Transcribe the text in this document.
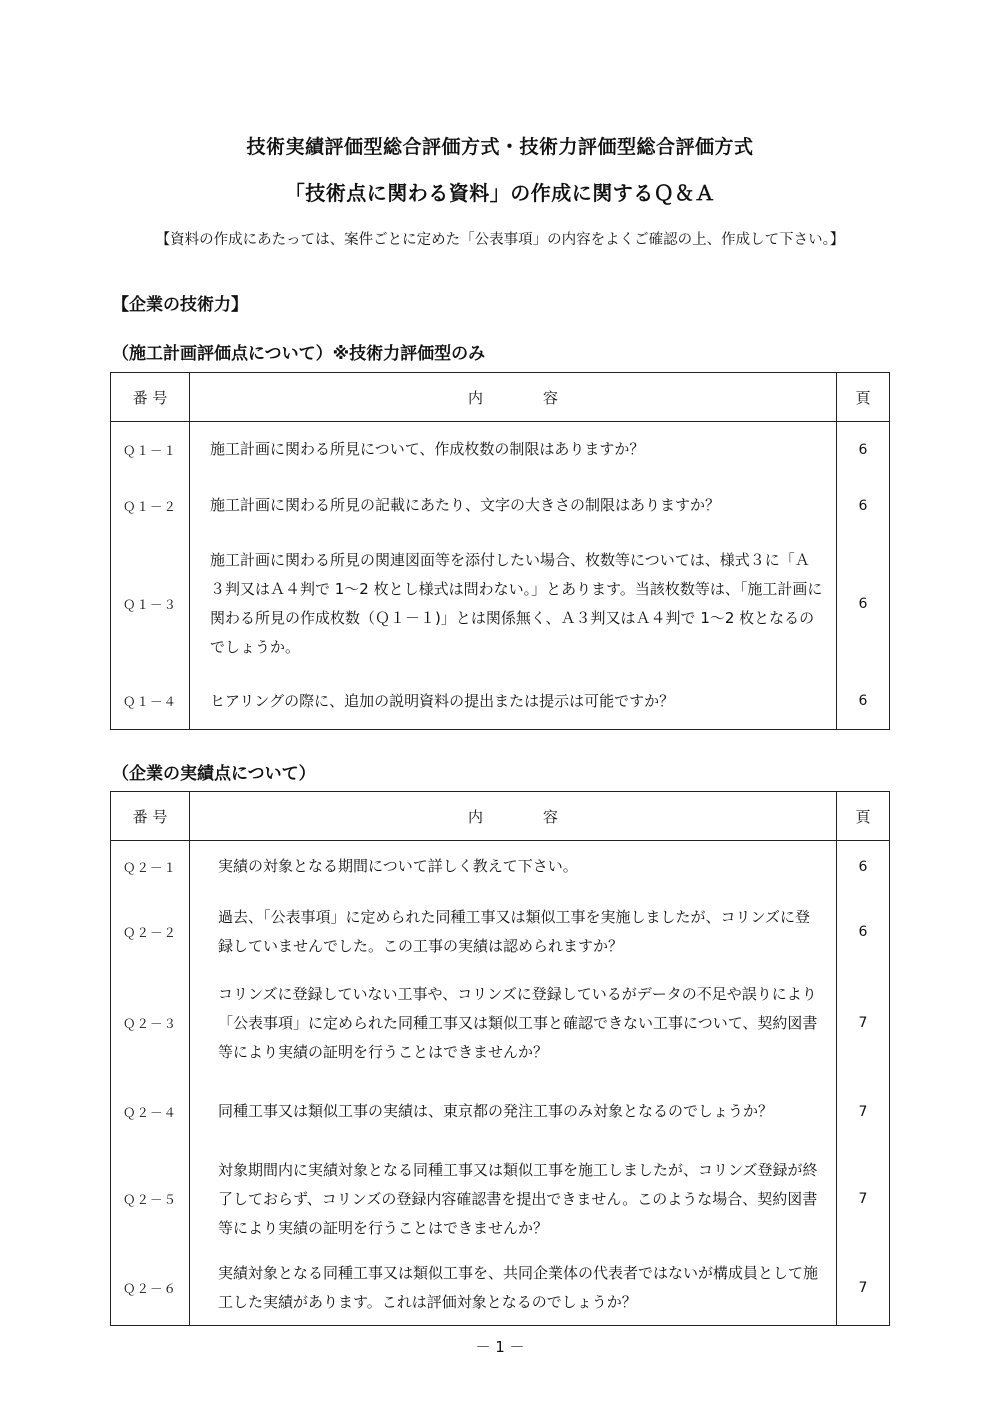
技術実績評価型総合評価方式・技術力評価型総合評価方式
「技術点に関わる資料」の作成に関するＱ＆Ａ
【資料の作成にあたっては、案件ごとに定めた「公表事項」の内容をよくご確認の上、作成して下さい。】
【企業の技術力】
（施工計画評価点について）※技術力評価型のみ
番 号	内　　　　容	頁
Ｑ１－１	施工計画に関わる所見について、作成枚数の制限はありますか？	6
Ｑ１－２	施工計画に関わる所見の記載にあたり、文字の大きさの制限はありますか？	6
Ｑ１－３	施工計画に関わる所見の関連図面等を添付したい場合、枚数等については、様式３に「Ａ３判又はＡ４判で 1～2 枚とし様式は問わない。」とあります。当該枚数等は、「施工計画に関わる所見の作成枚数（Ｑ１－１)」とは関係無く、Ａ３判又はＡ４判で 1～2 枚となるのでしょうか。	6
Ｑ１－４	ヒアリングの際に、追加の説明資料の提出または提示は可能ですか？	6
（企業の実績点について）
番 号	内　　　　容	頁
Ｑ２－１	実績の対象となる期間について詳しく教えて下さい。	6
Ｑ２－２	過去、「公表事項」に定められた同種工事又は類似工事を実施しましたが、コリンズに登録していませんでした。この工事の実績は認められますか？	6
Ｑ２－３	コリンズに登録していない工事や、コリンズに登録しているがデータの不足や誤りにより「公表事項」に定められた同種工事又は類似工事と確認できない工事について、契約図書等により実績の証明を行うことはできませんか？	7
Ｑ２－４	同種工事又は類似工事の実績は、東京都の発注工事のみ対象となるのでしょうか？	7
Ｑ２－５	対象期間内に実績対象となる同種工事又は類似工事を施工しましたが、コリンズ登録が終了しておらず、コリンズの登録内容確認書を提出できません。このような場合、契約図書等により実績の証明を行うことはできませんか？	7
Ｑ２－６	実績対象となる同種工事又は類似工事を、共同企業体の代表者ではないが構成員として施工した実績があります。これは評価対象となるのでしょうか？	7
－ 1 －
